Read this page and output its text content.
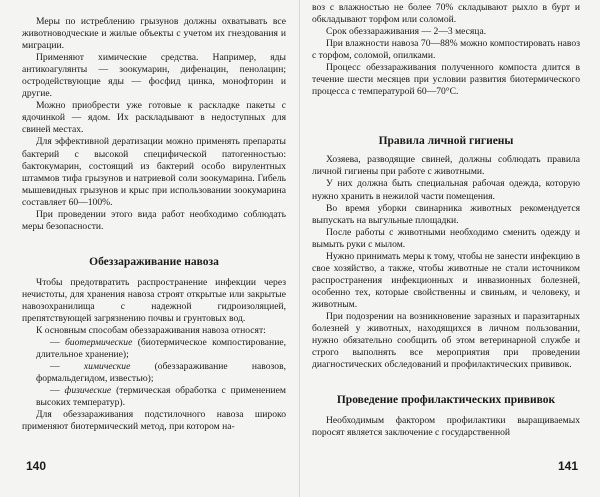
Меры по истреблению грызунов должны охватывать все животноводческие и жилые объекты с учетом их гнездования и миграции.

Применяют химические средства. Например, яды антикоагулянты — зоокумарин, дифенацин, пенолацин; остродействующие яды — фосфид цинка, монофторин и другие.

Можно приобрести уже готовые к раскладке пакеты с ядочинкой — ядом. Их раскладывают в недоступных для свиней местах.

Для эффективной дератизации можно применять препараты бактерий с высокой специфической патогенностью: бактокумарин, состоящий из бактерий особо вирулентных штаммов тифа грызунов и натриевой соли зоокумарина. Гибель мышевидных грызунов и крыс при использовании зоокумарина составляет 60—100%.

При проведении этого вида работ необходимо соблюдать меры безопасности.

Обеззараживание навоза

Чтобы предотвратить распространение инфекции через нечистоты, для хранения навоза строят открытые или закрытые навозохранилища с надежной гидроизоляцией, препятствующей загрязнению почвы и грунтовых вод.

К основным способам обеззараживания навоза относят:

— биотермические (биотермическое компостирование, длительное хранение);

— химические (обеззараживание навозов, формальдегидом, известью);

— физические (термическая обработка с применением высоких температур).

Для обеззараживания подстилочного навоза широко применяют биотермический метод, при котором на-

воз с влажностью не более 70% складывают рыхло в бурт и обкладывают торфом или соломой.

Срок обеззараживания — 2—3 месяца.

При влажности навоза 70—88% можно компостировать навоз с торфом, соломой, опилками.

Процесс обеззараживания полученного компоста длится в течение шести месяцев при условии развития биотермического процесса с температурой 60—70°С.

Правила личной гигиены

Хозяева, разводящие свиней, должны соблюдать правила личной гигиены при работе с животными.

У них должна быть специальная рабочая одежда, которую нужно хранить в нежилой части помещения.

Во время уборки свинарника животных рекомендуется выпускать на выгульные площадки.

После работы с животными необходимо сменить одежду и вымыть руки с мылом.

Нужно принимать меры к тому, чтобы не занести инфекцию в свое хозяйство, а также, чтобы животные не стали источником распространения инфекционных и инвазионных болезней, особенно тех, которые свойственны и свиньям, и человеку, и животным.

При подозрении на возникновение заразных и паразитарных болезней у животных, находящихся в личном пользовании, нужно обязательно сообщить об этом ветеринарной службе и строго выполнять все мероприятия при проведении диагностических обследований и профилактических прививок.

Проведение профилактических прививок

Необходимым фактором профилактики выращиваемых поросят является заключение с государственной

140	141
